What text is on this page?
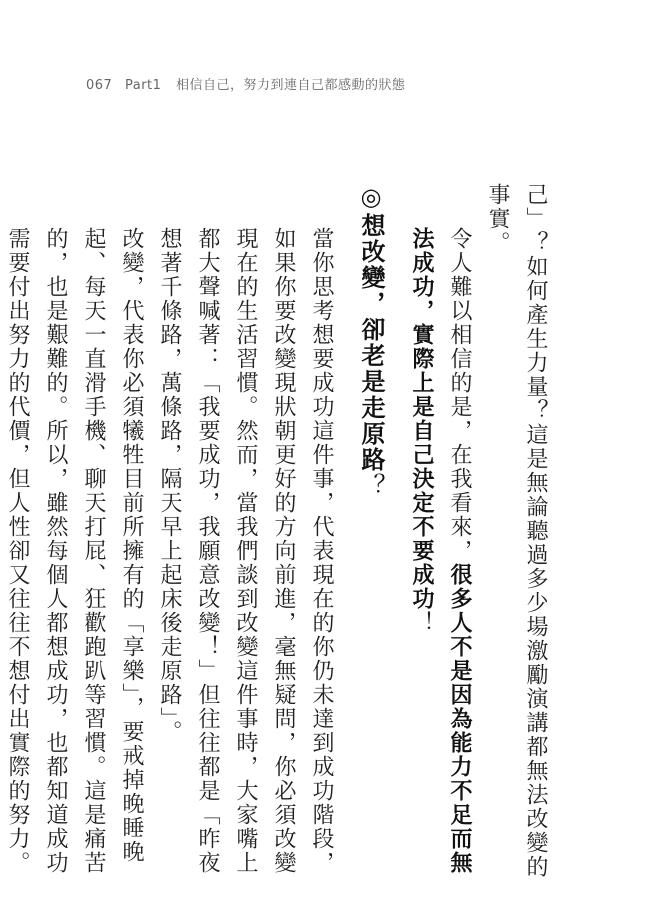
067 Part1 相信自己，努力到連自己都感動的狀態

己」？如何產生力量？這是無論聽過多少場激勵演講都無法改變的事實。

令人難以相信的是，在我看來，很多人不是因為能力不足而無法成功，實際上是自己決定不要成功！

◎想改變，卻老是走原路？

當你思考想要成功這件事，代表現在的你仍未達到成功階段，如果你要改變現狀朝更好的方向前進，毫無疑問，你必須改變現在的生活習慣。然而，當我們談到改變這件事時，大家嘴上都大聲喊著：「我要成功，我願意改變！」但往往都是「昨夜想著千條路，萬條路，隔天早上起床後走原路」。

改變，代表你必須犧牲目前所擁有的「享樂」，要戒掉晚睡晚起、每天一直滑手機、聊天打屁、狂歡跑趴等習慣。這是痛苦的，也是艱難的。所以，雖然每個人都想成功，也都知道成功需要付出努力的代價，但人性卻又往往不想付出實際的努力。
